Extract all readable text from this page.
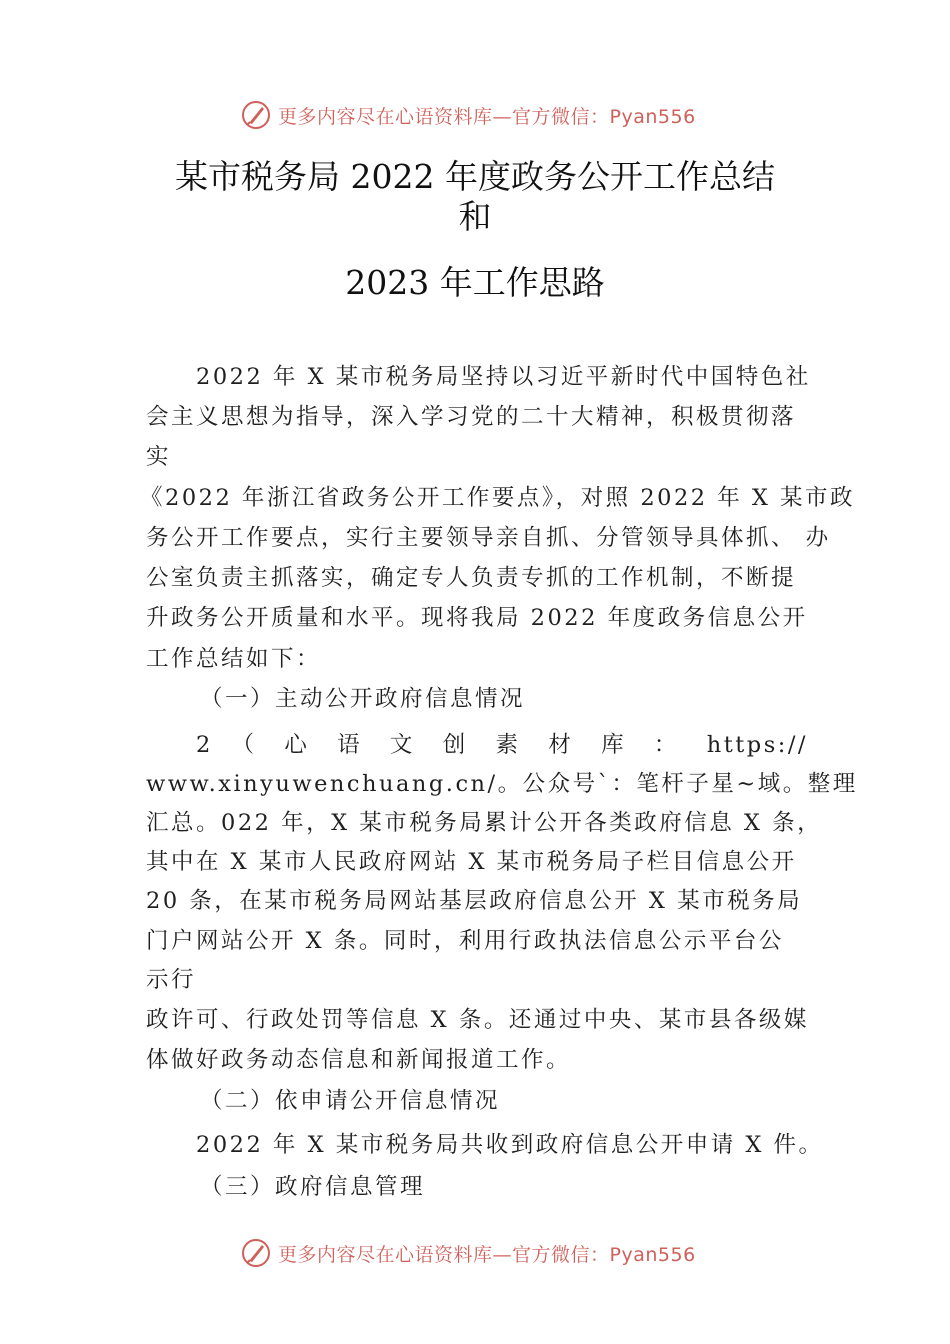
更多内容尽在心语资料库—官方微信：Pyan556
某市税务局 2022 年度政务公开工作总结
和
2023 年工作思路
2022 年 X 某市税务局坚持以习近平新时代中国特色社
会主义思想为指导，深入学习党的二十大精神，积极贯彻落
实
《2022 年浙江省政务公开工作要点》，对照 2022 年 X 某市政
务公开工作要点，实行主要领导亲自抓、分管领导具体抓、 办
公室负责主抓落实，确定专人负责专抓的工作机制，不断提
升政务公开质量和水平。现将我局 2022 年度政务信息公开
工作总结如下：
（一）主动公开政府信息情况
2 （ 心 语 文 创 素 材 库 ： https://
www.xinyuwenchuang.cn/。公众号`：笔杆子星~域。整理
汇总。022 年，X 某市税务局累计公开各类政府信息 X 条，
其中在 X 某市人民政府网站 X 某市税务局子栏目信息公开
20 条，在某市税务局网站基层政府信息公开 X 某市税务局
门户网站公开 X 条。同时，利用行政执法信息公示平台公
示行
政许可、行政处罚等信息 X 条。还通过中央、某市县各级媒
体做好政务动态信息和新闻报道工作。
（二）依申请公开信息情况
2022 年 X 某市税务局共收到政府信息公开申请 X 件。
（三）政府信息管理
更多内容尽在心语资料库—官方微信：Pyan556
